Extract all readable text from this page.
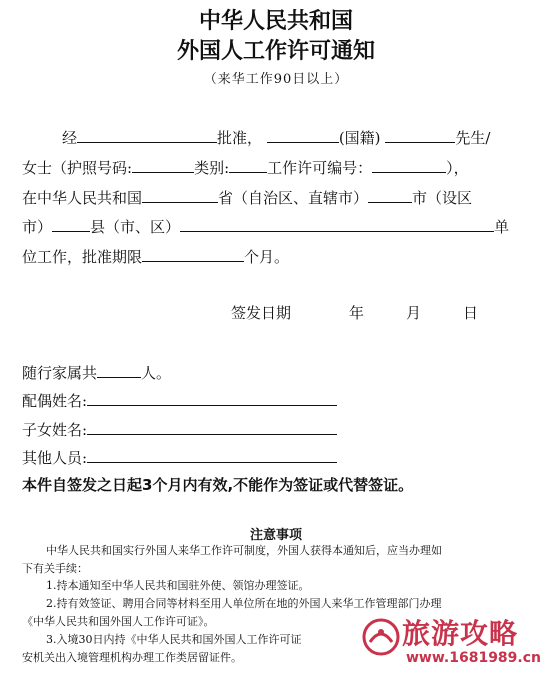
中华人民共和国
外国人工作许可通知
（来华工作90日以上）
经	批准，	(国籍)	先生/
女士（护照号码:	类别:	工作许可编号：	），
在中华人民共和国	省（自治区、直辖市）	市（设区
市）	县（市、区）	单
位工作，批准期限	个月。
签发日期	年	月	日
随行家属共	人。
配偶姓名:
子女姓名:
其他人员:
本件自签发之日起3个月内有效,不能作为签证或代替签证。
注意事项
中华人民共和国实行外国人来华工作许可制度，外国人获得本通知后，应当办理如
下有关手续：
1.持本通知至中华人民共和国驻外使、领馆办理签证。
2.持有效签证、聘用合同等材料至用人单位所在地的外国人来华工作管理部门办理
《中华人民共和国外国人工作许可证》。
3.入境30日内持《中华人民共和国外国人工作许可证
安机关出入境管理机构办理工作类居留证件。
旅游攻略
www.1681989.cn
